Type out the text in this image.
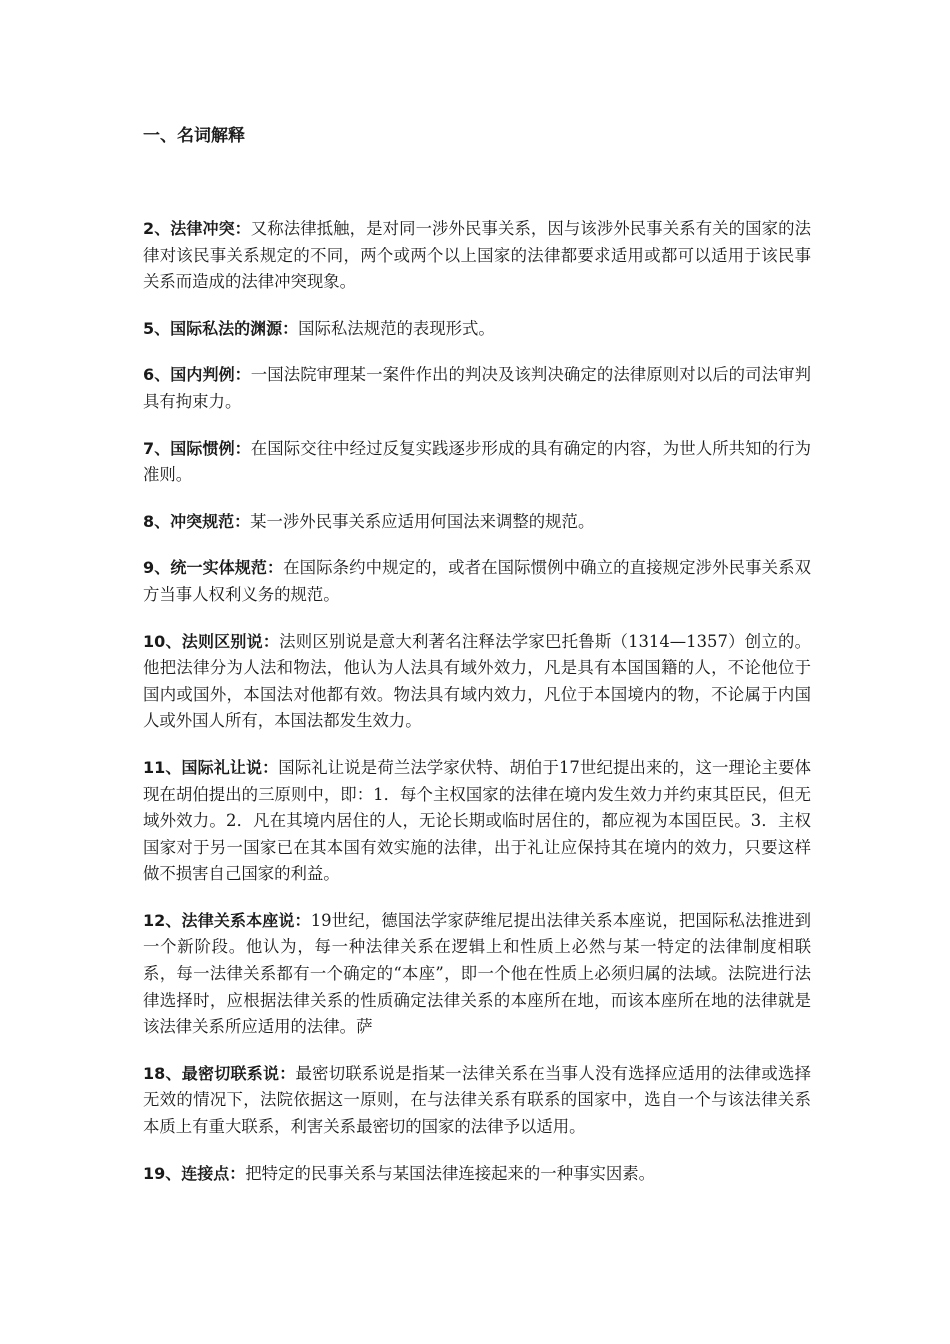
一、名词解释

2、法律冲突：又称法律抵触，是对同一涉外民事关系，因与该涉外民事关系有关的国家的法律对该民事关系规定的不同，两个或两个以上国家的法律都要求适用或都可以适用于该民事关系而造成的法律冲突现象。

5、国际私法的渊源：国际私法规范的表现形式。

6、国内判例：一国法院审理某一案件作出的判决及该判决确定的法律原则对以后的司法审判具有拘束力。

7、国际惯例：在国际交往中经过反复实践逐步形成的具有确定的内容，为世人所共知的行为准则。

8、冲突规范：某一涉外民事关系应适用何国法来调整的规范。

9、统一实体规范：在国际条约中规定的，或者在国际惯例中确立的直接规定涉外民事关系双方当事人权利义务的规范。

10、法则区别说：法则区别说是意大利著名注释法学家巴托鲁斯（1314—1357）创立的。他把法律分为人法和物法，他认为人法具有域外效力，凡是具有本国国籍的人，不论他位于国内或国外，本国法对他都有效。物法具有域内效力，凡位于本国境内的物，不论属于内国人或外国人所有，本国法都发生效力。

11、国际礼让说：国际礼让说是荷兰法学家伏特、胡伯于17世纪提出来的，这一理论主要体现在胡伯提出的三原则中，即：1．每个主权国家的法律在境内发生效力并约束其臣民，但无域外效力。2．凡在其境内居住的人，无论长期或临时居住的，都应视为本国臣民。3．主权国家对于另一国家已在其本国有效实施的法律，出于礼让应保持其在境内的效力，只要这样做不损害自己国家的利益。

12、法律关系本座说：19世纪，德国法学家萨维尼提出法律关系本座说，把国际私法推进到一个新阶段。他认为，每一种法律关系在逻辑上和性质上必然与某一特定的法律制度相联系，每一法律关系都有一个确定的“本座”，即一个他在性质上必须归属的法域。法院进行法律选择时，应根据法律关系的性质确定法律关系的本座所在地，而该本座所在地的法律就是该法律关系所应适用的法律。萨

18、最密切联系说：最密切联系说是指某一法律关系在当事人没有选择应适用的法律或选择无效的情况下，法院依据这一原则，在与法律关系有联系的国家中，选自一个与该法律关系本质上有重大联系，利害关系最密切的国家的法律予以适用。

19、连接点：把特定的民事关系与某国法律连接起来的一种事实因素。
